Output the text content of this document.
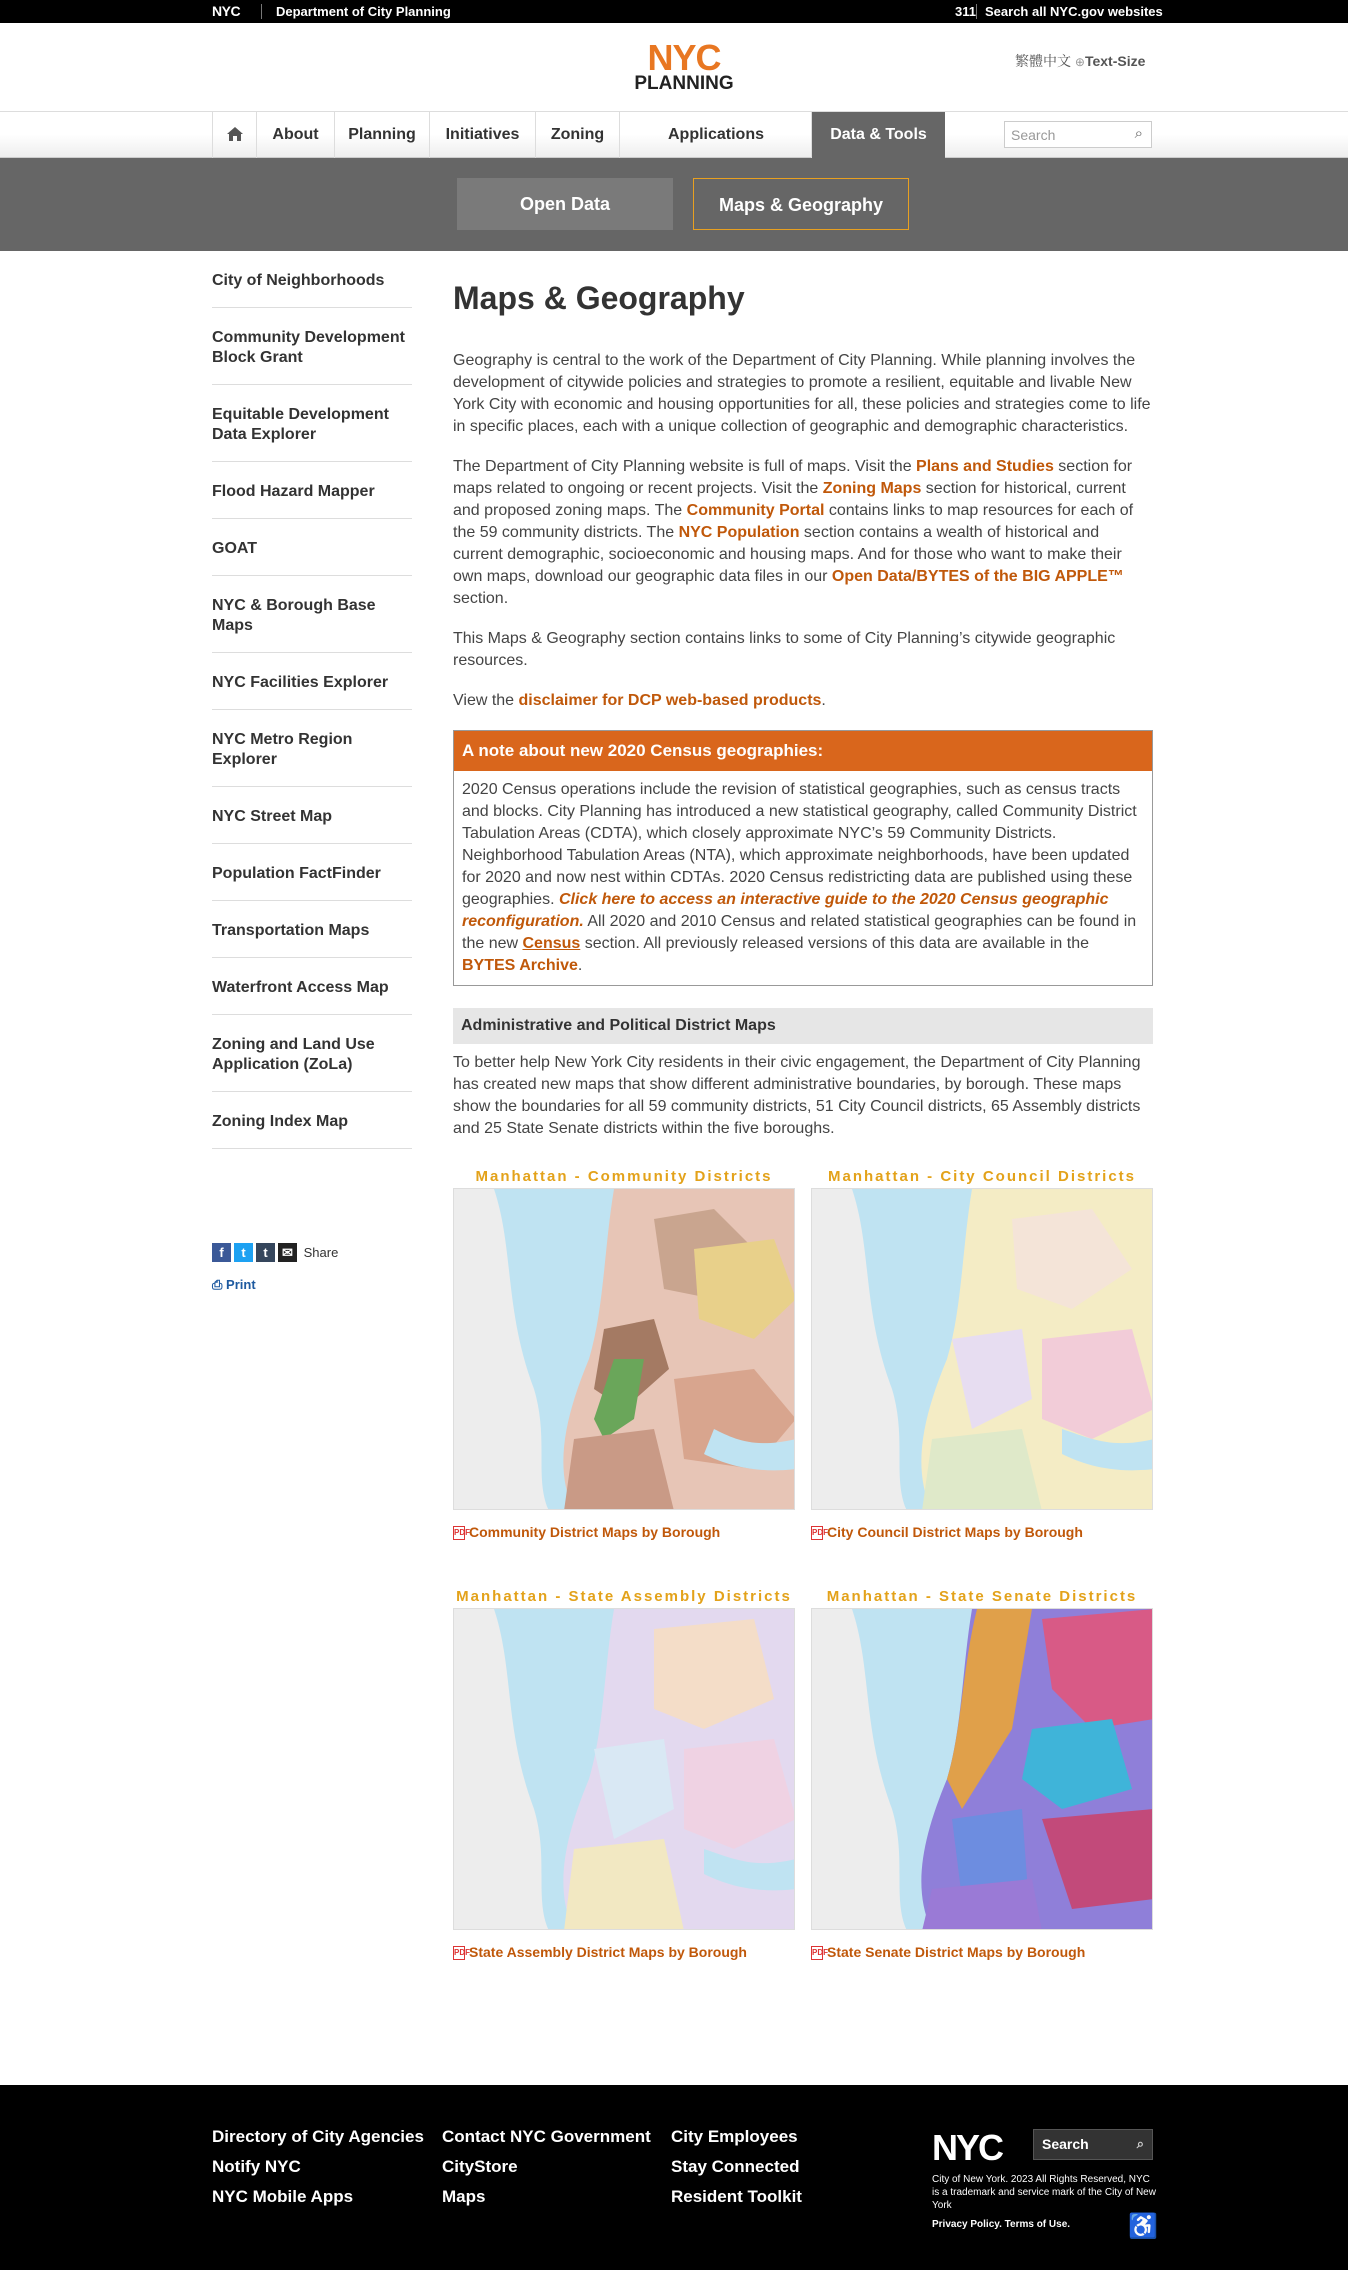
NYC	Department of City Planning	311 Search all NYC.gov websites
NYC
PLANNING
繁體中文 ⊕Text-Size
About	Planning	Initiatives	Zoning	Applications	Data & Tools	Search	⌕
Open Data	Maps & Geography
City of Neighborhoods
Community Development Block Grant
Equitable Development Data Explorer
Flood Hazard Mapper
GOAT
NYC & Borough Base Maps
NYC Facilities Explorer
NYC Metro Region Explorer
NYC Street Map
Population FactFinder
Transportation Maps
Waterfront Access Map
Zoning and Land Use Application (ZoLa)
Zoning Index Map
f t t ✉ Share
⎙ Print
Maps & Geography

Geography is central to the work of the Department of City Planning. While planning involves the development of citywide policies and strategies to promote a resilient, equitable and livable New York City with economic and housing opportunities for all, these policies and strategies come to life in specific places, each with a unique collection of geographic and demographic characteristics.

The Department of City Planning website is full of maps. Visit the Plans and Studies section for maps related to ongoing or recent projects. Visit the Zoning Maps section for historical, current and proposed zoning maps. The Community Portal contains links to map resources for each of the 59 community districts. The NYC Population section contains a wealth of historical and current demographic, socioeconomic and housing maps. And for those who want to make their own maps, download our geographic data files in our Open Data/BYTES of the BIG APPLE™ section.

This Maps & Geography section contains links to some of City Planning’s citywide geographic resources.

View the disclaimer for DCP web-based products.

A note about new 2020 Census geographies:
2020 Census operations include the revision of statistical geographies, such as census tracts and blocks. City Planning has introduced a new statistical geography, called Community District Tabulation Areas (CDTA), which closely approximate NYC’s 59 Community Districts. Neighborhood Tabulation Areas (NTA), which approximate neighborhoods, have been updated for 2020 and now nest within CDTAs. 2020 Census redistricting data are published using these geographies. Click here to access an interactive guide to the 2020 Census geographic reconfiguration. All 2020 and 2010 Census and related statistical geographies can be found in the new Census section. All previously released versions of this data are available in the BYTES Archive.
Administrative and Political District Maps
To better help New York City residents in their civic engagement, the Department of City Planning has created new maps that show different administrative boundaries, by borough. These maps show the boundaries for all 59 community districts, 51 City Council districts, 65 Assembly districts and 25 State Senate districts within the five boroughs.
Manhattan - Community Districts
PDFCommunity District Maps by Borough
Manhattan - City Council Districts
PDFCity Council District Maps by Borough
Manhattan - State Assembly Districts
PDFState Assembly District Maps by Borough
Manhattan - State Senate Districts
PDFState Senate District Maps by Borough
Directory of City Agencies
Notify NYC
NYC Mobile Apps
Contact NYC Government
CityStore
Maps
City Employees
Stay Connected
Resident Toolkit
NYC	Search	⌕
City of New York. 2023 All Rights Reserved, NYC is a trademark and service mark of the City of New York
Privacy Policy. Terms of Use. ♿
